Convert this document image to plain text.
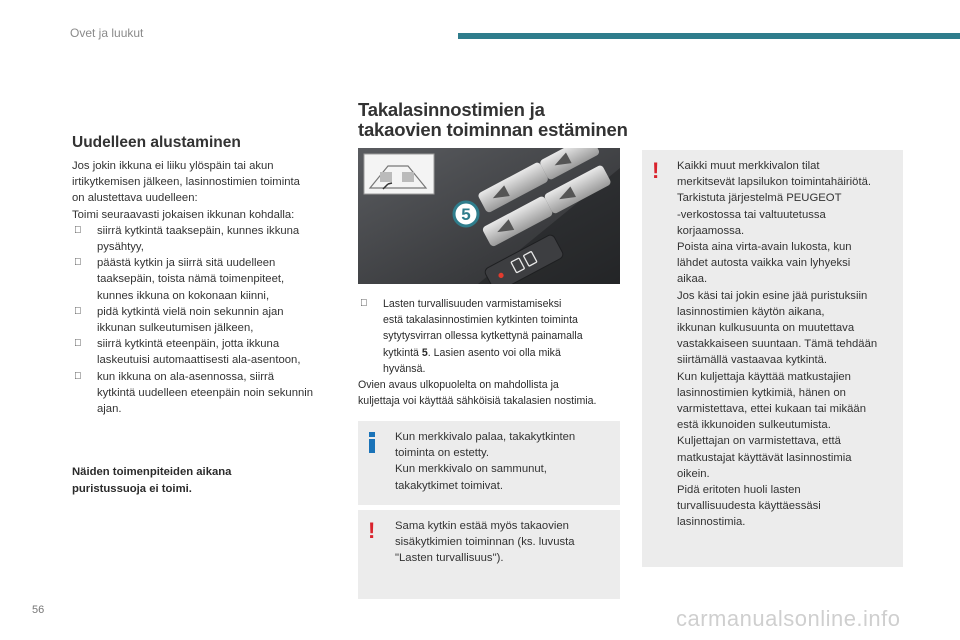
Ovet ja luukut
Uudelleen alustaminen
Jos jokin ikkuna ei liiku ylöspäin tai akun
irtikytkemisen jälkeen, lasinnostimien toiminta
on alustettava uudelleen:
Toimi seuraavasti jokaisen ikkunan kohdalla:
siirrä kytkintä taaksepäin, kunnes ikkuna
pysähtyy,
päästä kytkin ja siirrä sitä uudelleen
taaksepäin, toista nämä toimenpiteet,
kunnes ikkuna on kokonaan kiinni,
pidä kytkintä vielä noin sekunnin ajan
ikkunan sulkeutumisen jälkeen,
siirrä kytkintä eteenpäin, jotta ikkuna
laskeutuisi automaattisesti ala-asentoon,
kun ikkuna on ala-asennossa, siirrä
kytkintä uudelleen eteenpäin noin sekunnin
ajan.
Näiden toimenpiteiden aikana
puristussuoja ei toimi.
Takalasinnostimien ja
takaovien toiminnan estäminen
5
Lasten turvallisuuden varmistamiseksi
estä takalasinnostimien kytkinten toiminta
sytytysvirran ollessa kytkettynä painamalla
kytkintä 5. Lasien asento voi olla mikä
hyvänsä.
Ovien avaus ulkopuolelta on mahdollista ja
kuljettaja voi käyttää sähköisiä takalasien nostimia.
Kun merkkivalo palaa, takakytkinten
toiminta on estetty.
Kun merkkivalo on sammunut,
takakytkimet toimivat.
! Sama kytkin estää myös takaovien
sisäkytkimien toiminnan (ks. luvusta
"Lasten turvallisuus").
! Kaikki muut merkkivalon tilat
merkitsevät lapsilukon toimintahäiriötä.
Tarkistuta järjestelmä PEUGEOT
-verkostossa tai valtuutetussa
korjaamossa.
Poista aina virta-avain lukosta, kun
lähdet autosta vaikka vain lyhyeksi
aikaa.
Jos käsi tai jokin esine jää puristuksiin
lasinnostimien käytön aikana,
ikkunan kulkusuunta on muutettava
vastakkaiseen suuntaan. Tämä tehdään
siirtämällä vastaavaa kytkintä.
Kun kuljettaja käyttää matkustajien
lasinnostimien kytkimiä, hänen on
varmistettava, ettei kukaan tai mikään
estä ikkunoiden sulkeutumista.
Kuljettajan on varmistettava, että
matkustajat käyttävät lasinnostimia
oikein.
Pidä eritoten huoli lasten
turvallisuudesta käyttäessäsi
lasinnostimia.
56	carmanualsonline.info
